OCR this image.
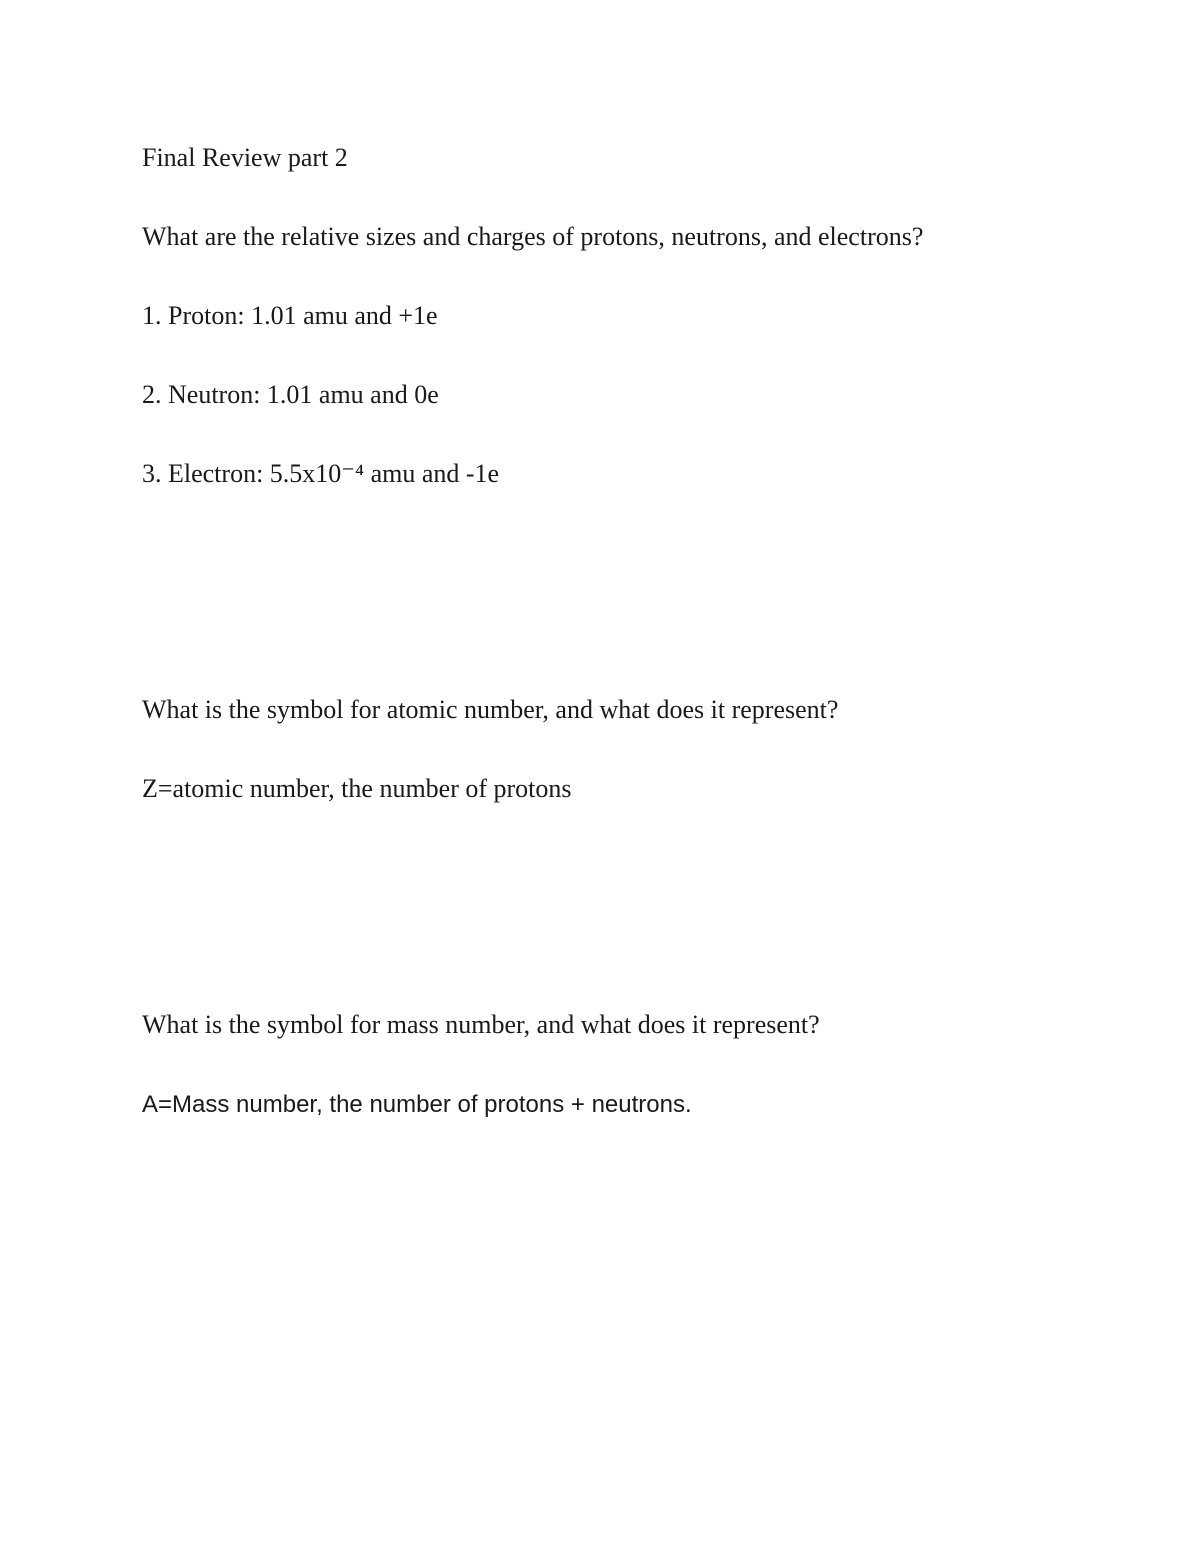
Final Review part 2

What are the relative sizes and charges of protons, neutrons, and electrons?

1. Proton: 1.01 amu and +1e

2. Neutron: 1.01 amu and 0e

3. Electron: 5.5x10⁻⁴ amu and -1e

What is the symbol for atomic number, and what does it represent?

Z=atomic number, the number of protons

What is the symbol for mass number, and what does it represent?

A=Mass number, the number of protons + neutrons.
